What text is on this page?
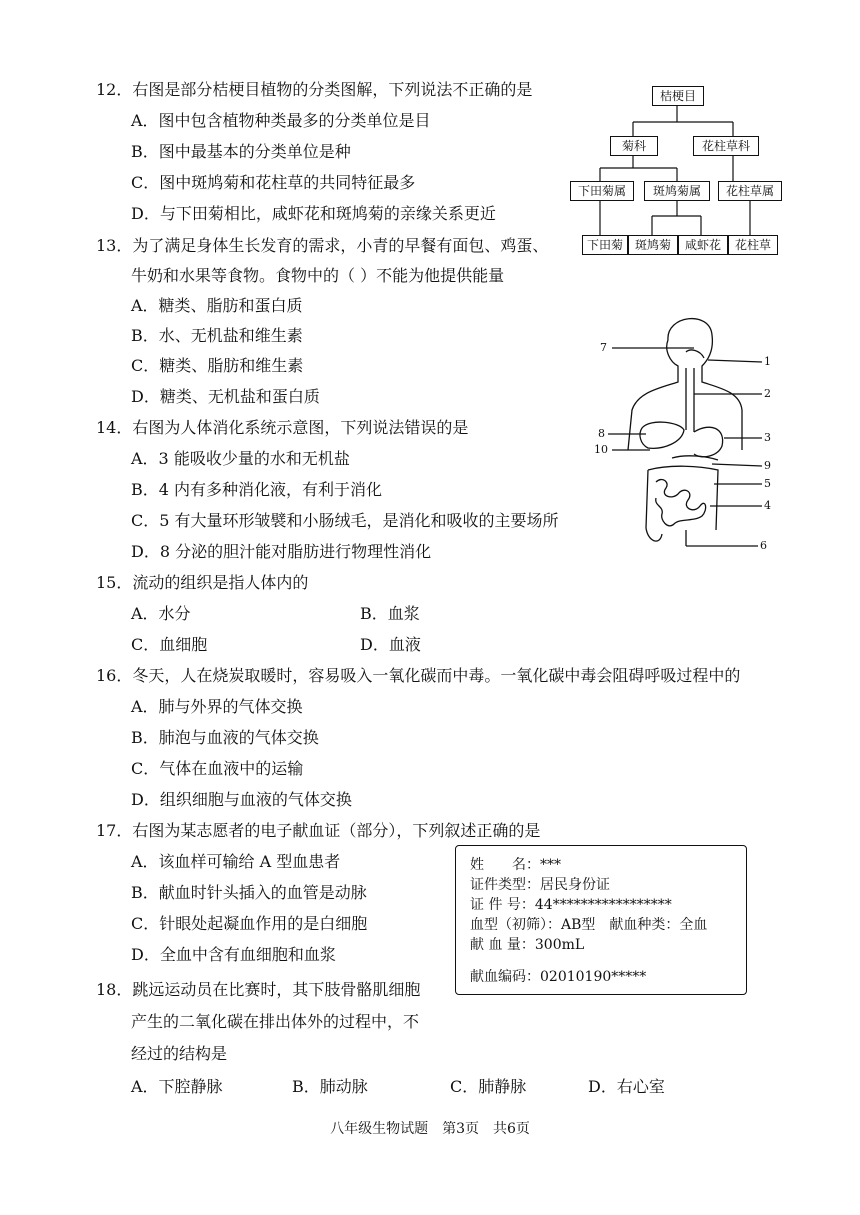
12．右图是部分桔梗目植物的分类图解，下列说法不正确的是
A．图中包含植物种类最多的分类单位是目
B．图中最基本的分类单位是种
C．图中斑鸠菊和花柱草的共同特征最多
D．与下田菊相比，咸虾花和斑鸠菊的亲缘关系更近
桔梗目
菊科	花柱草科
下田菊属	斑鸠菊属	花柱草属
下田菊 斑鸠菊	咸虾花	花柱草
13．为了满足身体生长发育的需求，小青的早餐有面包、鸡蛋、
牛奶和水果等食物。食物中的（ ）不能为他提供能量
A．糖类、脂肪和蛋白质
B．水、无机盐和维生素
C．糖类、脂肪和维生素
D．糖类、无机盐和蛋白质
14．右图为人体消化系统示意图，下列说法错误的是
A．3 能吸收少量的水和无机盐
B．4 内有多种消化液，有利于消化
C．5 有大量环形皱襞和小肠绒毛，是消化和吸收的主要场所
D．8 分泌的胆汁能对脂肪进行物理性消化
7
1
2
3
8
10
9
5
4
6
15．流动的组织是指人体内的
A．水分	B．血浆
C．血细胞	D．血液
16．冬天，人在烧炭取暖时，容易吸入一氧化碳而中毒。一氧化碳中毒会阻碍呼吸过程中的
A．肺与外界的气体交换
B．肺泡与血液的气体交换
C．气体在血液中的运输
D．组织细胞与血液的气体交换
17．右图为某志愿者的电子献血证（部分），下列叙述正确的是
A．该血样可输给 A 型血患者
B．献血时针头插入的血管是动脉
C．针眼处起凝血作用的是白细胞
D．全血中含有血细胞和血浆
姓　　名：***
证件类型：居民身份证
证 件 号：44*****************
血型（初筛）：AB型　献血种类：全血
献 血 量：300mL
献血编码：02010190*****
18．跳远运动员在比赛时，其下肢骨骼肌细胞
产生的二氧化碳在排出体外的过程中，不
经过的结构是
A．下腔静脉	B．肺动脉	C．肺静脉	D．右心室
八年级生物试题　第3页　共6页
